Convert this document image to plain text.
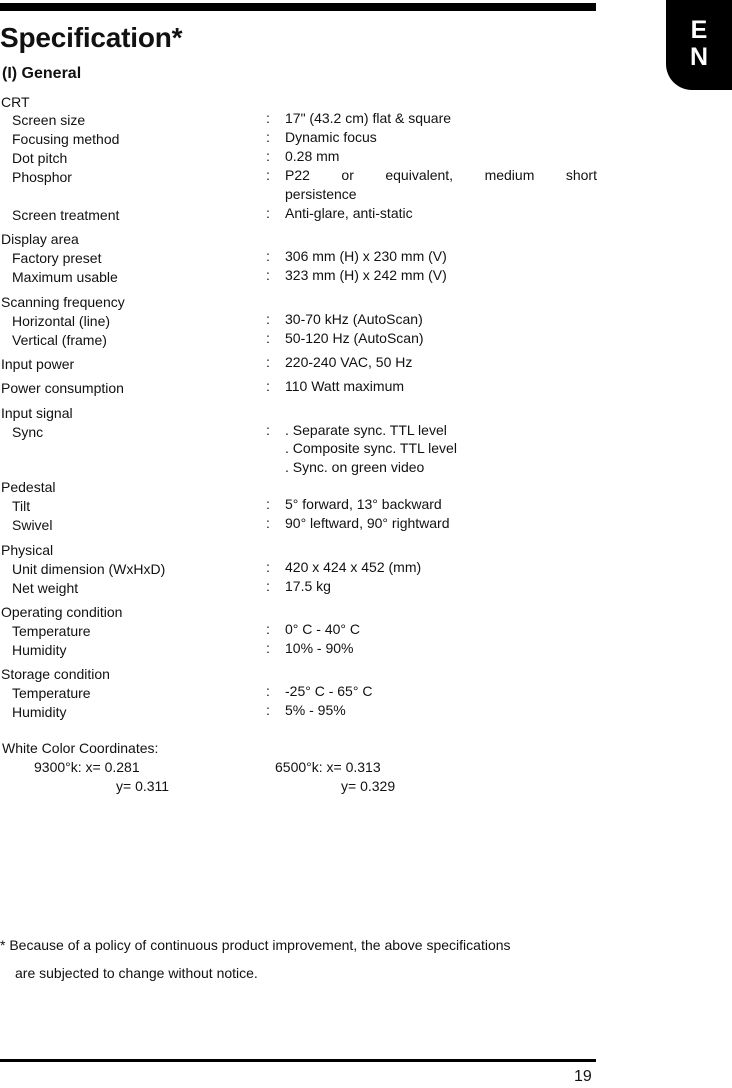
E
N
Specification*
(I) General
CRT
Screen size	: 17" (43.2 cm) flat & square
Focusing method	: Dynamic focus
Dot pitch	: 0.28 mm
Phosphor	: P22 or equivalent, medium short
persistence
Screen treatment	: Anti-glare, anti-static
Display area
Factory preset	: 306 mm (H) x 230 mm (V)
Maximum usable	: 323 mm (H) x 242 mm (V)
Scanning frequency
Horizontal (line)	: 30-70 kHz (AutoScan)
Vertical (frame)	: 50-120 Hz (AutoScan)
Input power	: 220-240 VAC, 50 Hz
Power consumption	: 110 Watt maximum
Input signal
Sync	: . Separate sync. TTL level
. Composite sync. TTL level
. Sync. on green video
Pedestal
Tilt	: 5° forward, 13° backward
Swivel	: 90° leftward, 90° rightward
Physical
Unit dimension (WxHxD)	: 420 x 424 x 452 (mm)
Net weight	: 17.5 kg
Operating condition
Temperature	: 0° C - 40° C
Humidity	: 10% - 90%
Storage condition
Temperature	: -25° C - 65° C
Humidity	: 5% - 95%
White Color Coordinates:
9300°k: x= 0.281
y= 0.311
6500°k: x= 0.313
y= 0.329
* Because of a policy of continuous product improvement, the above specifications
are subjected to change without notice.
19
